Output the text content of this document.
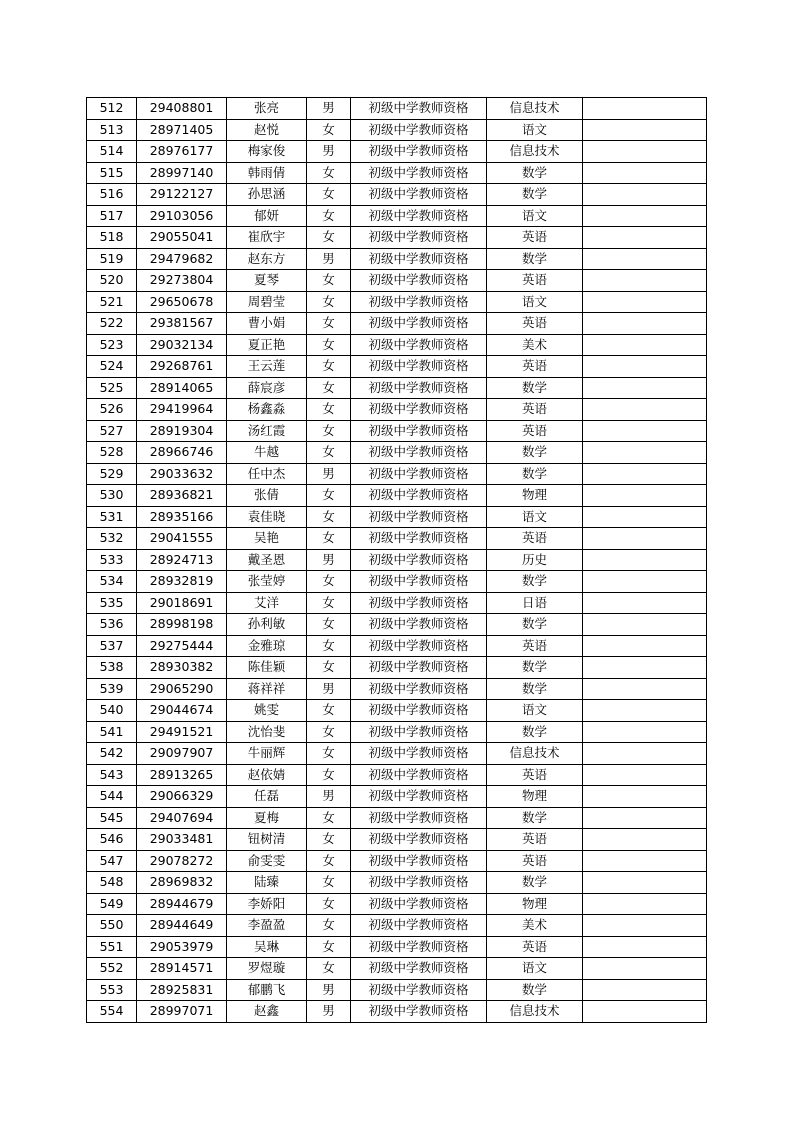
512	29408801	张亮	男	初级中学教师资格	信息技术	
513	28971405	赵悦	女	初级中学教师资格	语文	
514	28976177	梅家俊	男	初级中学教师资格	信息技术	
515	28997140	韩雨倩	女	初级中学教师资格	数学	
516	29122127	孙思涵	女	初级中学教师资格	数学	
517	29103056	郁妍	女	初级中学教师资格	语文	
518	29055041	崔欣宇	女	初级中学教师资格	英语	
519	29479682	赵东方	男	初级中学教师资格	数学	
520	29273804	夏琴	女	初级中学教师资格	英语	
521	29650678	周碧莹	女	初级中学教师资格	语文	
522	29381567	曹小娟	女	初级中学教师资格	英语	
523	29032134	夏正艳	女	初级中学教师资格	美术	
524	29268761	王云莲	女	初级中学教师资格	英语	
525	28914065	薛宸彦	女	初级中学教师资格	数学	
526	29419964	杨鑫淼	女	初级中学教师资格	英语	
527	28919304	汤红霞	女	初级中学教师资格	英语	
528	28966746	牛越	女	初级中学教师资格	数学	
529	29033632	任中杰	男	初级中学教师资格	数学	
530	28936821	张倩	女	初级中学教师资格	物理	
531	28935166	袁佳晓	女	初级中学教师资格	语文	
532	29041555	吴艳	女	初级中学教师资格	英语	
533	28924713	戴圣恩	男	初级中学教师资格	历史	
534	28932819	张莹婷	女	初级中学教师资格	数学	
535	29018691	艾洋	女	初级中学教师资格	日语	
536	28998198	孙利敏	女	初级中学教师资格	数学	
537	29275444	金雅琼	女	初级中学教师资格	英语	
538	28930382	陈佳颖	女	初级中学教师资格	数学	
539	29065290	蒋祥祥	男	初级中学教师资格	数学	
540	29044674	姚雯	女	初级中学教师资格	语文	
541	29491521	沈怡斐	女	初级中学教师资格	数学	
542	29097907	牛丽辉	女	初级中学教师资格	信息技术	
543	28913265	赵依婧	女	初级中学教师资格	英语	
544	29066329	任磊	男	初级中学教师资格	物理	
545	29407694	夏梅	女	初级中学教师资格	数学	
546	29033481	钮树清	女	初级中学教师资格	英语	
547	29078272	俞雯雯	女	初级中学教师资格	英语	
548	28969832	陆臻	女	初级中学教师资格	数学	
549	28944679	李娇阳	女	初级中学教师资格	物理	
550	28944649	李盈盈	女	初级中学教师资格	美术	
551	29053979	吴琳	女	初级中学教师资格	英语	
552	28914571	罗煜璇	女	初级中学教师资格	语文	
553	28925831	郁鹏飞	男	初级中学教师资格	数学	
554	28997071	赵鑫	男	初级中学教师资格	信息技术	
